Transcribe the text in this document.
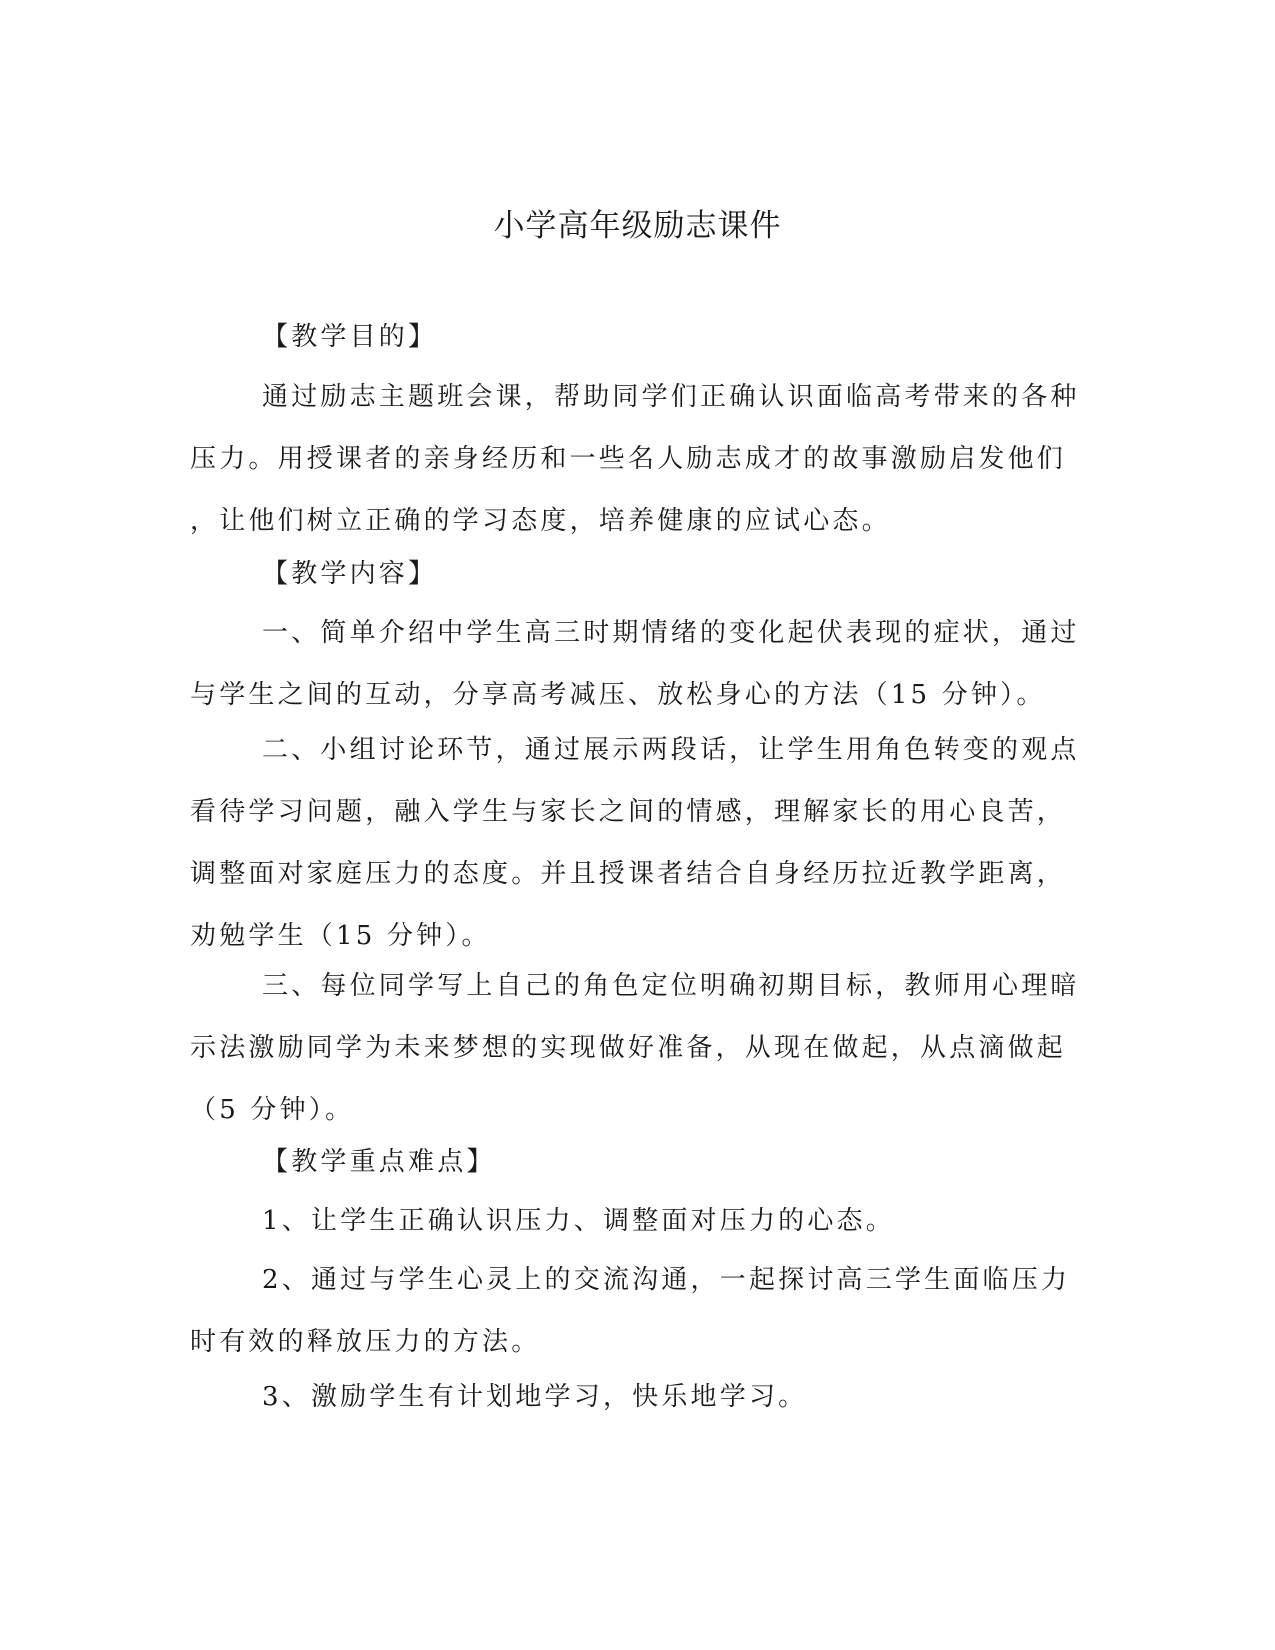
小学高年级励志课件

【教学目的】

通过励志主题班会课，帮助同学们正确认识面临高考带来的各种
压力。用授课者的亲身经历和一些名人励志成才的故事激励启发他们
，让他们树立正确的学习态度，培养健康的应试心态。

【教学内容】

一、简单介绍中学生高三时期情绪的变化起伏表现的症状，通过
与学生之间的互动，分享高考减压、放松身心的方法（15 分钟）。
二、小组讨论环节，通过展示两段话，让学生用角色转变的观点
看待学习问题，融入学生与家长之间的情感，理解家长的用心良苦，
调整面对家庭压力的态度。并且授课者结合自身经历拉近教学距离，
劝勉学生（15 分钟）。
三、每位同学写上自己的角色定位明确初期目标，教师用心理暗
示法激励同学为未来梦想的实现做好准备，从现在做起，从点滴做起
（5 分钟）。

【教学重点难点】

1、让学生正确认识压力、调整面对压力的心态。
2、通过与学生心灵上的交流沟通，一起探讨高三学生面临压力
时有效的释放压力的方法。
3、激励学生有计划地学习，快乐地学习。
